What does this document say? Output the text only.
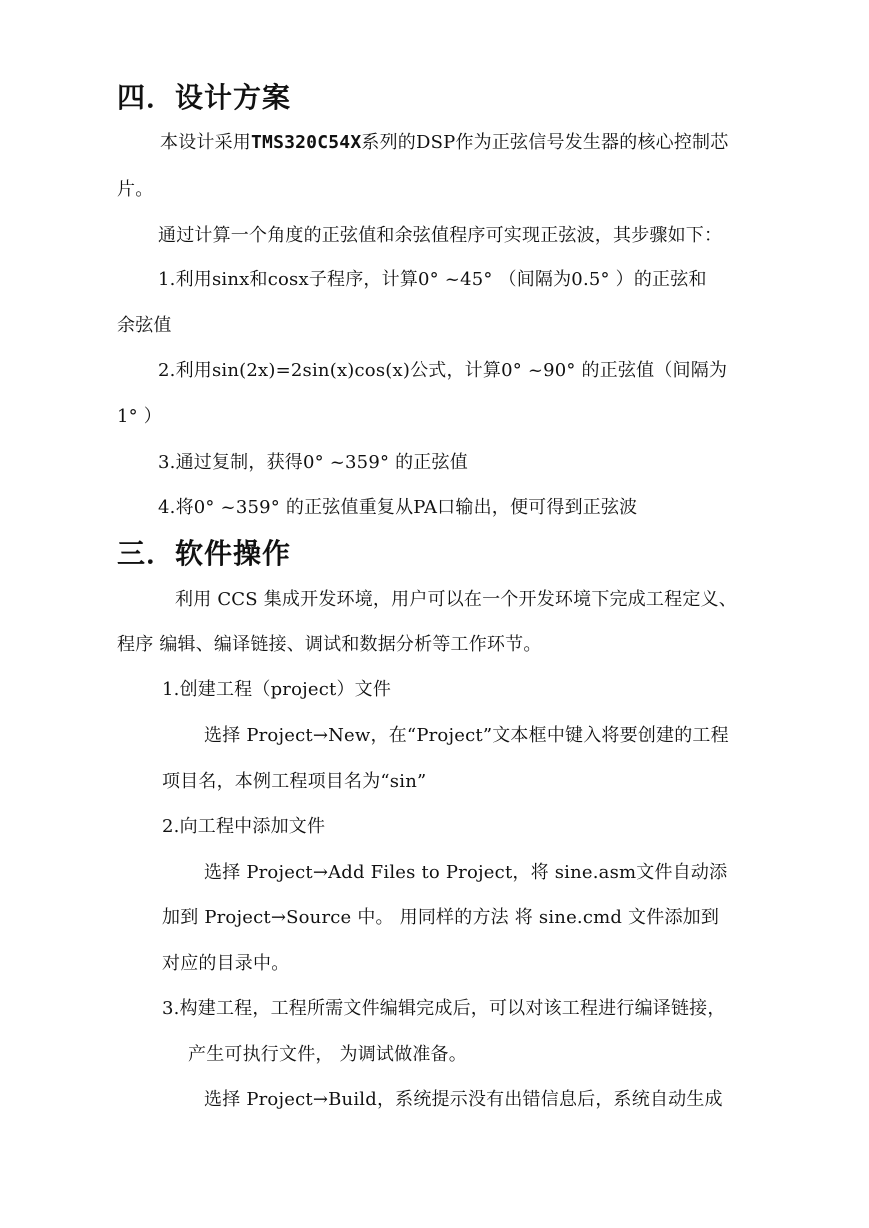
四．设计方案
本设计采用TMS320C54X系列的DSP作为正弦信号发生器的核心控制芯
片。
通过计算一个角度的正弦值和余弦值程序可实现正弦波，其步骤如下：
1.利用sinx和cosx子程序，计算0° ~45° （间隔为0.5° ）的正弦和
余弦值
2.利用sin(2x)=2sin(x)cos(x)公式，计算0° ~90° 的正弦值（间隔为
1° ）
3.通过复制，获得0° ~359° 的正弦值
4.将0° ~359° 的正弦值重复从PA口输出，便可得到正弦波
三．软件操作
利用 CCS 集成开发环境，用户可以在一个开发环境下完成工程定义、
程序 编辑、编译链接、调试和数据分析等工作环节。
1.创建工程（project）文件
选择 Project→New，在“Project”文本框中键入将要创建的工程
项目名，本例工程项目名为“sin”
2.向工程中添加文件
选择 Project→Add Files to Project，将 sine.asm文件自动添
加到 Project→Source 中。 用同样的方法 将 sine.cmd 文件添加到
对应的目录中。
3.构建工程，工程所需文件编辑完成后，可以对该工程进行编译链接，
产生可执行文件， 为调试做准备。
选择 Project→Build，系统提示没有出错信息后，系统自动生成
